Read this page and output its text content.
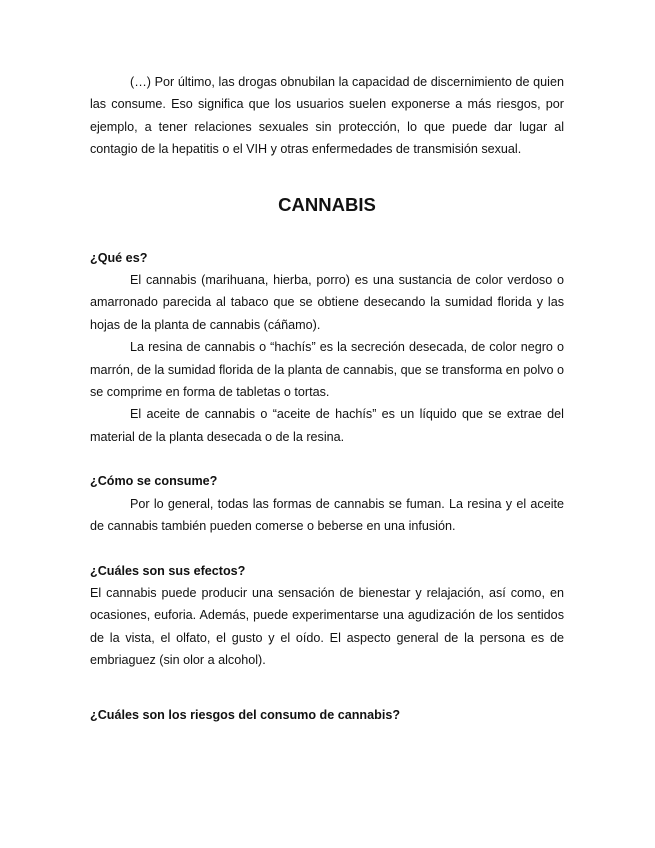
(…) Por último, las drogas obnubilan la capacidad de discernimiento de quien las consume. Eso significa que los usuarios suelen exponerse a más riesgos, por ejemplo, a tener relaciones sexuales sin protección, lo que puede dar lugar al contagio de la hepatitis o el VIH y otras enfermedades de transmisión sexual.

CANNABIS
¿Qué es?

El cannabis (marihuana, hierba, porro) es una sustancia de color verdoso o amarronado parecida al tabaco que se obtiene desecando la sumidad florida y las hojas de la planta de cannabis (cáñamo).

La resina de cannabis o “hachís” es la secreción desecada, de color negro o marrón, de la sumidad florida de la planta de cannabis, que se transforma en polvo o se comprime en forma de tabletas o tortas.

El aceite de cannabis o “aceite de hachís” es un líquido que se extrae del material de la planta desecada o de la resina.

¿Cómo se consume?

Por lo general, todas las formas de cannabis se fuman. La resina y el aceite de cannabis también pueden comerse o beberse en una infusión.

¿Cuáles son sus efectos?

El cannabis puede producir una sensación de bienestar y relajación, así como, en ocasiones, euforia. Además, puede experimentarse una agudización de los sentidos de la vista, el olfato, el gusto y el oído. El aspecto general de la persona es de embriaguez (sin olor a alcohol).

¿Cuáles son los riesgos del consumo de cannabis?
